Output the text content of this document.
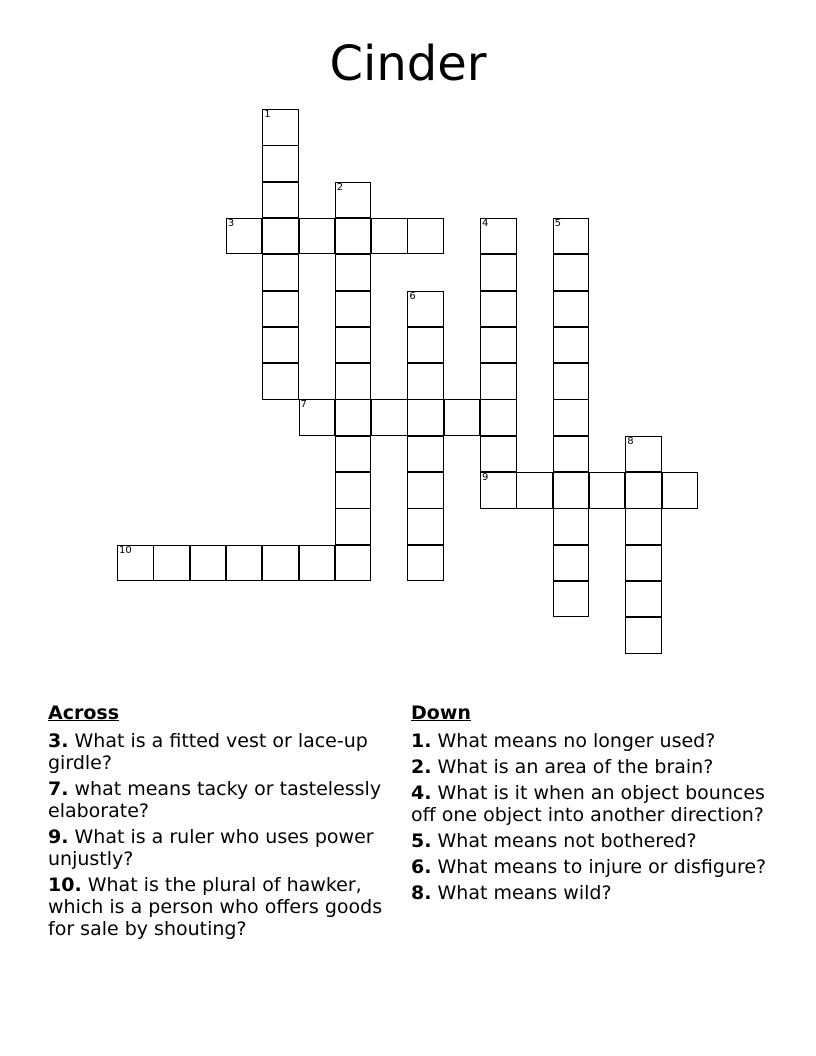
Cinder
1
2
3	4
9
5
6
7
8
10
Across
3. What is a fitted vest or lace-up girdle?
7. what means tacky or tastelessly elaborate?
9. What is a ruler who uses power unjustly?
10. What is the plural of hawker, which is a person who offers goods for sale by shouting?
Down
1. What means no longer used?
2. What is an area of the brain?
4. What is it when an object bounces off one object into another direction?
5. What means not bothered?
6. What means to injure or disfigure?
8. What means wild?
